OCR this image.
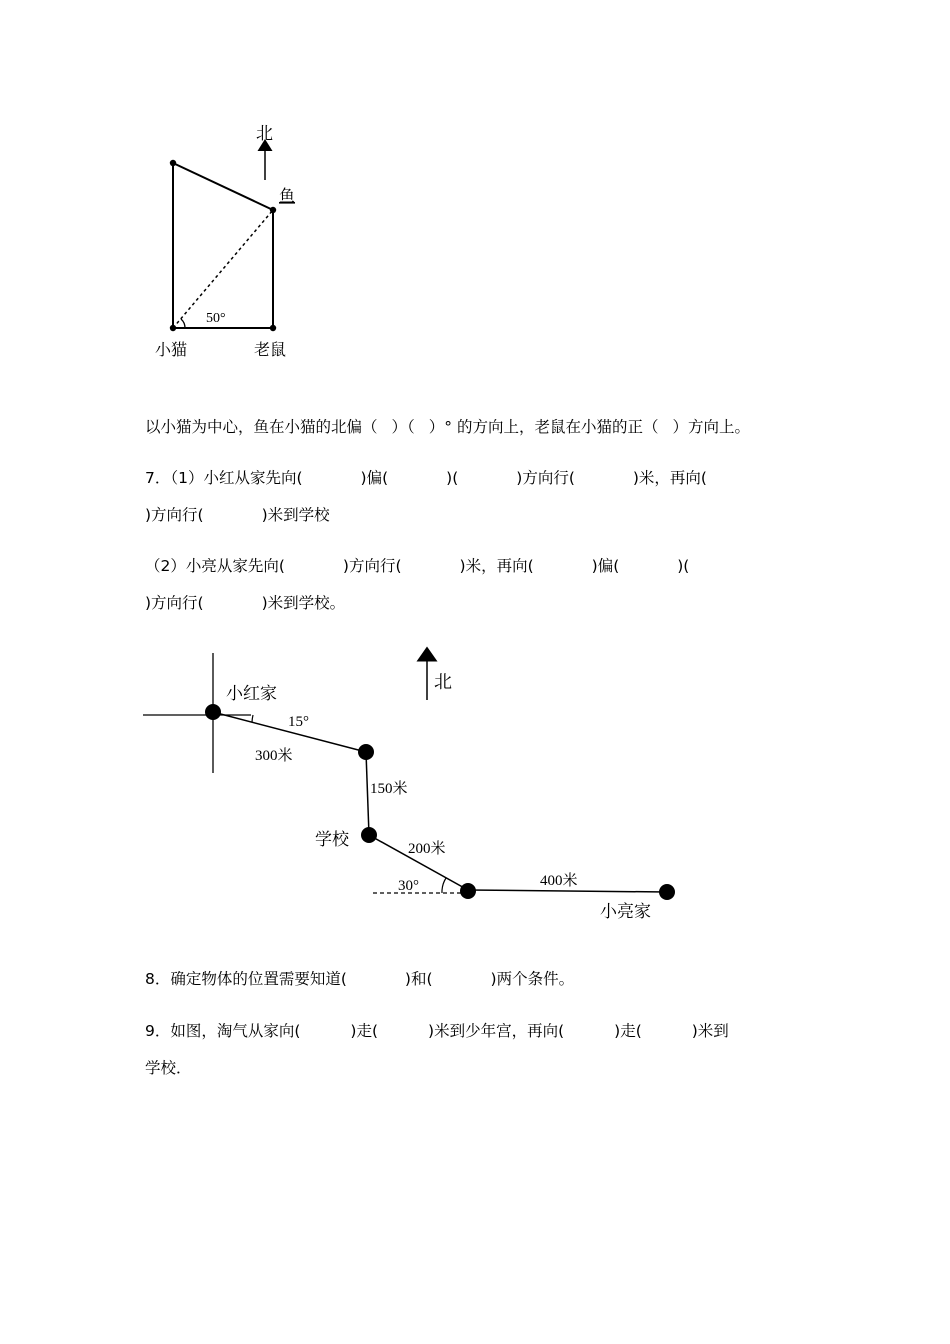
北
50°
鱼
小猫	老鼠
以小猫为中心，鱼在小猫的北偏（ ）（ ）° 的方向上，老鼠在小猫的正（ ）方向上。
7．（1）小红从家先向(	)偏(	)(	)方向行(	)米，再向(
)方向行(	)米到学校
（2）小亮从家先向(	)方向行(	)米，再向(	)偏(	)(
)方向行(	)米到学校。
北
小红家
15°
300米
150米
学校	200米
30°	400米
小亮家
8．确定物体的位置需要知道(	)和(	)两个条件。
9．如图，淘气从家向(	)走(	)米到少年宫，再向(	)走(	)米到
学校．
